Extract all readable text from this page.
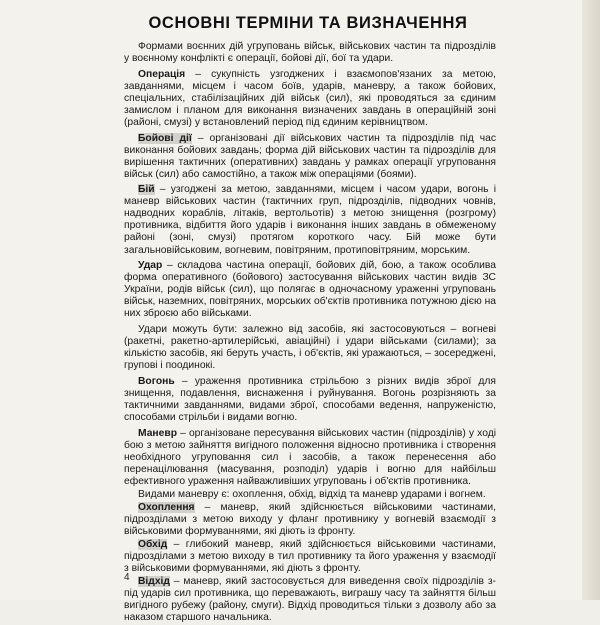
ОСНОВНІ ТЕРМІНИ ТА ВИЗНАЧЕННЯ

Формами воєнних дій угруповань військ, військових частин та підрозділів у воєнному конфлікті є операції, бойові дії, бої та удари.

Операція – сукупність узгоджених і взаємопов'язаних за метою, завданнями, місцем і часом боїв, ударів, маневру, а також бойових, спеціальних, стабілізаційних дій військ (сил), які проводяться за єдиним замислом і планом для виконання визначених завдань в операційній зоні (районі, смузі) у встановлений період під єдиним керівництвом.

Бойові дії – організовані дії військових частин та підрозділів під час виконання бойових завдань; форма дій військових частин та підрозділів для вирішення тактичних (оперативних) завдань у рамках операції угруповання військ (сил) або самостійно, а також між операціями (боями).

Бій – узгоджені за метою, завданнями, місцем і часом удари, вогонь і маневр військових частин (тактичних груп, підрозділів, підводних човнів, надводних кораблів, літаків, вертольотів) з метою знищення (розгрому) противника, відбиття його ударів і виконання інших завдань в обмеженому районі (зоні, смузі) протягом короткого часу. Бій може бути загальновійськовим, вогневим, повітряним, протиповітряним, морським.

Удар – складова частина операції, бойових дій, бою, а також особлива форма оперативного (бойового) застосування військових частин видів ЗС України, родів військ (сил), що полягає в одночасному ураженні угруповань військ, наземних, повітряних, морських об'єктів противника потужною дією на них зброєю або військами.

Удари можуть бути: залежно від засобів, які застосовуються – вогневі (ракетні, ракетно-артилерійські, авіаційні) і удари військами (силами); за кількістю засобів, які беруть участь, і об'єктів, які уражаються, – зосереджені, групові і поодинокі.

Вогонь – ураження противника стрільбою з різних видів зброї для знищення, подавлення, виснаження і руйнування. Вогонь розрізняють за тактичними завданнями, видами зброї, способами ведення, напруженістю, способами стрільби і видами вогню.

Маневр – організоване пересування військових частин (підрозділів) у ході бою з метою зайняття вигідного положення відносно противника і створення необхідного угруповання сил і засобів, а також перенесення або перенацілювання (масування, розподіл) ударів і вогню для найбільш ефективного ураження найважливіших угруповань і об'єктів противника.

Видами маневру є: охоплення, обхід, відхід та маневр ударами і вогнем.

Охоплення – маневр, який здійснюється військовими частинами, підрозділами з метою виходу у фланг противнику у вогневій взаємодії з військовими формуваннями, які діють із фронту.

Обхід – глибокий маневр, який здійснюється військовими частинами, підрозділами з метою виходу в тил противнику та його ураження у взаємодії з військовими формуваннями, які діють з фронту.

Відхід – маневр, який застосовується для виведення своїх підрозділів з-під ударів сил противника, що переважають, виграшу часу та зайняття більш вигідного рубежу (району, смуги). Відхід проводиться тільки з дозволу або за наказом старшого начальника.

4
